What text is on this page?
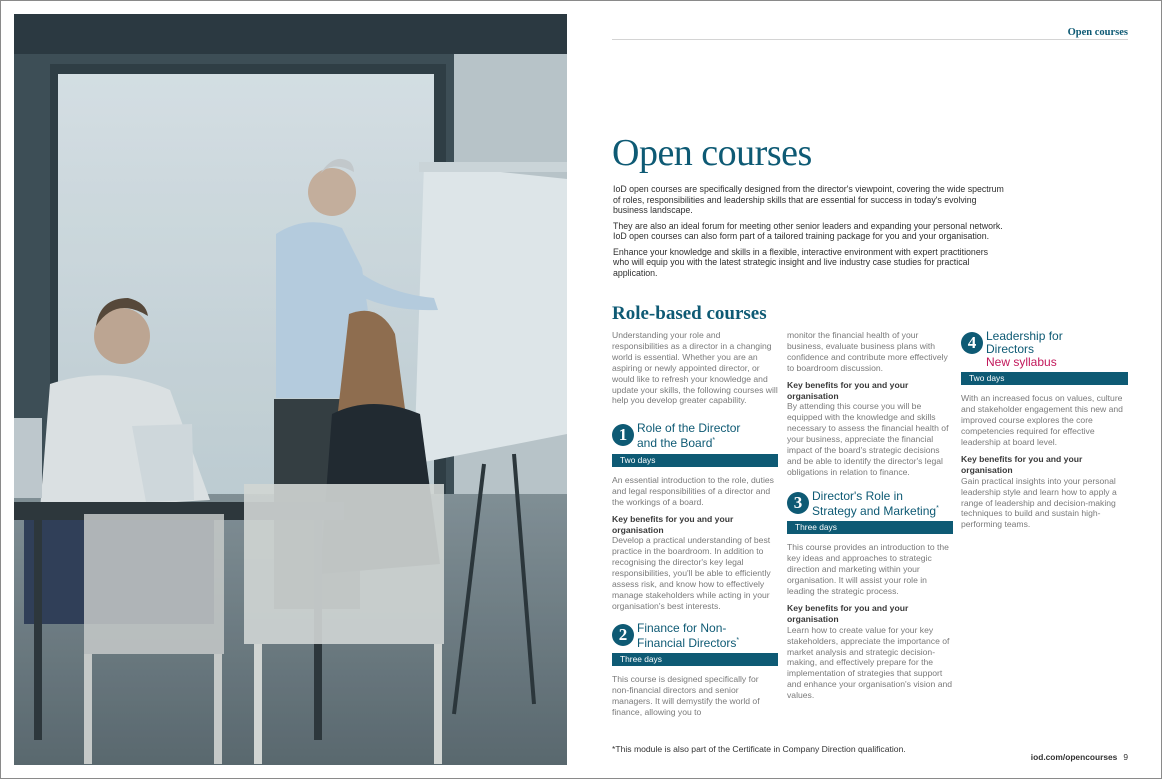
Open courses
Open courses

IoD open courses are specifically designed from the director's viewpoint, covering the wide spectrum of roles, responsibilities and leadership skills that are essential for success in today's evolving business landscape.

They are also an ideal forum for meeting other senior leaders and expanding your personal network. IoD open courses can also form part of a tailored training package for you and your organisation.

Enhance your knowledge and skills in a flexible, interactive environment with expert practitioners who will equip you with the latest strategic insight and live industry case studies for practical application.

Role-based courses

Understanding your role and responsibilities as a director in a changing world is essential. Whether you are an aspiring or newly appointed director, or would like to refresh your knowledge and update your skills, the following courses will help you develop greater capability.

1 Role of the Director
and the Board*
Two days

An essential introduction to the role, duties and legal responsibilities of a director and the workings of a board.

Key benefits for you and your organisation

Develop a practical understanding of best practice in the boardroom. In addition to recognising the director's key legal responsibilities, you'll be able to efficiently assess risk, and know how to effectively manage stakeholders while acting in your organisation's best interests.

2 Finance for Non-
Financial Directors*
Three days

This course is designed specifically for non-financial directors and senior managers. It will demystify the world of finance, allowing you to

monitor the financial health of your business, evaluate business plans with confidence and contribute more effectively to boardroom discussion.

Key benefits for you and your organisation

By attending this course you will be equipped with the knowledge and skills necessary to assess the financial health of your business, appreciate the financial impact of the board's strategic decisions and be able to identify the director's legal obligations in relation to finance.

3 Director's Role in
Strategy and Marketing*
Three days

This course provides an introduction to the key ideas and approaches to strategic direction and marketing within your organisation. It will assist your role in leading the strategic process.

Key benefits for you and your organisation

Learn how to create value for your key stakeholders, appreciate the importance of market analysis and strategic decision-making, and effectively prepare for the implementation of strategies that support and enhance your organisation's vision and values.

4 Leadership for
Directors
New syllabus
Two days

With an increased focus on values, culture and stakeholder engagement this new and improved course explores the core competencies required for effective leadership at board level.

Key benefits for you and your organisation

Gain practical insights into your personal leadership style and learn how to apply a range of leadership and decision-making techniques to build and sustain high-performing teams.

*This module is also part of the Certificate in Company Direction qualification.
iod.com/opencourses 9
